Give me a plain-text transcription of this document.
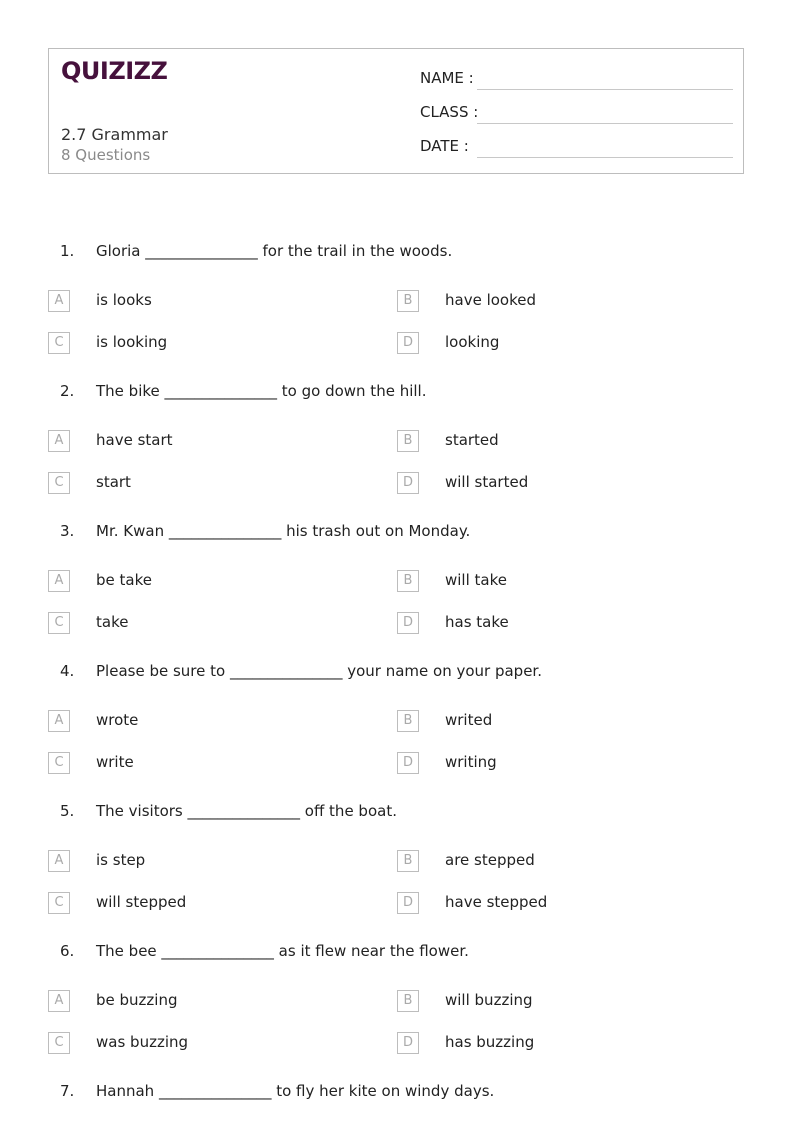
QUIZIZZ
2.7 Grammar
8 Questions
NAME :
CLASS :
DATE :
1. Gloria _______________ for the trail in the woods.
A	is looks	B	have looked
C	is looking	D	looking
2. The bike _______________ to go down the hill.
A	have start	B	started
C	start	D	will started
3. Mr. Kwan _______________ his trash out on Monday.
A	be take	B	will take
C	take	D	has take
4. Please be sure to _______________ your name on your paper.
A	wrote	B	writed
C	write	D	writing
5. The visitors _______________ off the boat.
A	is step	B	are stepped
C	will stepped	D	have stepped
6. The bee _______________ as it flew near the flower.
A	be buzzing	B	will buzzing
C	was buzzing	D	has buzzing
7. Hannah _______________ to fly her kite on windy days.
